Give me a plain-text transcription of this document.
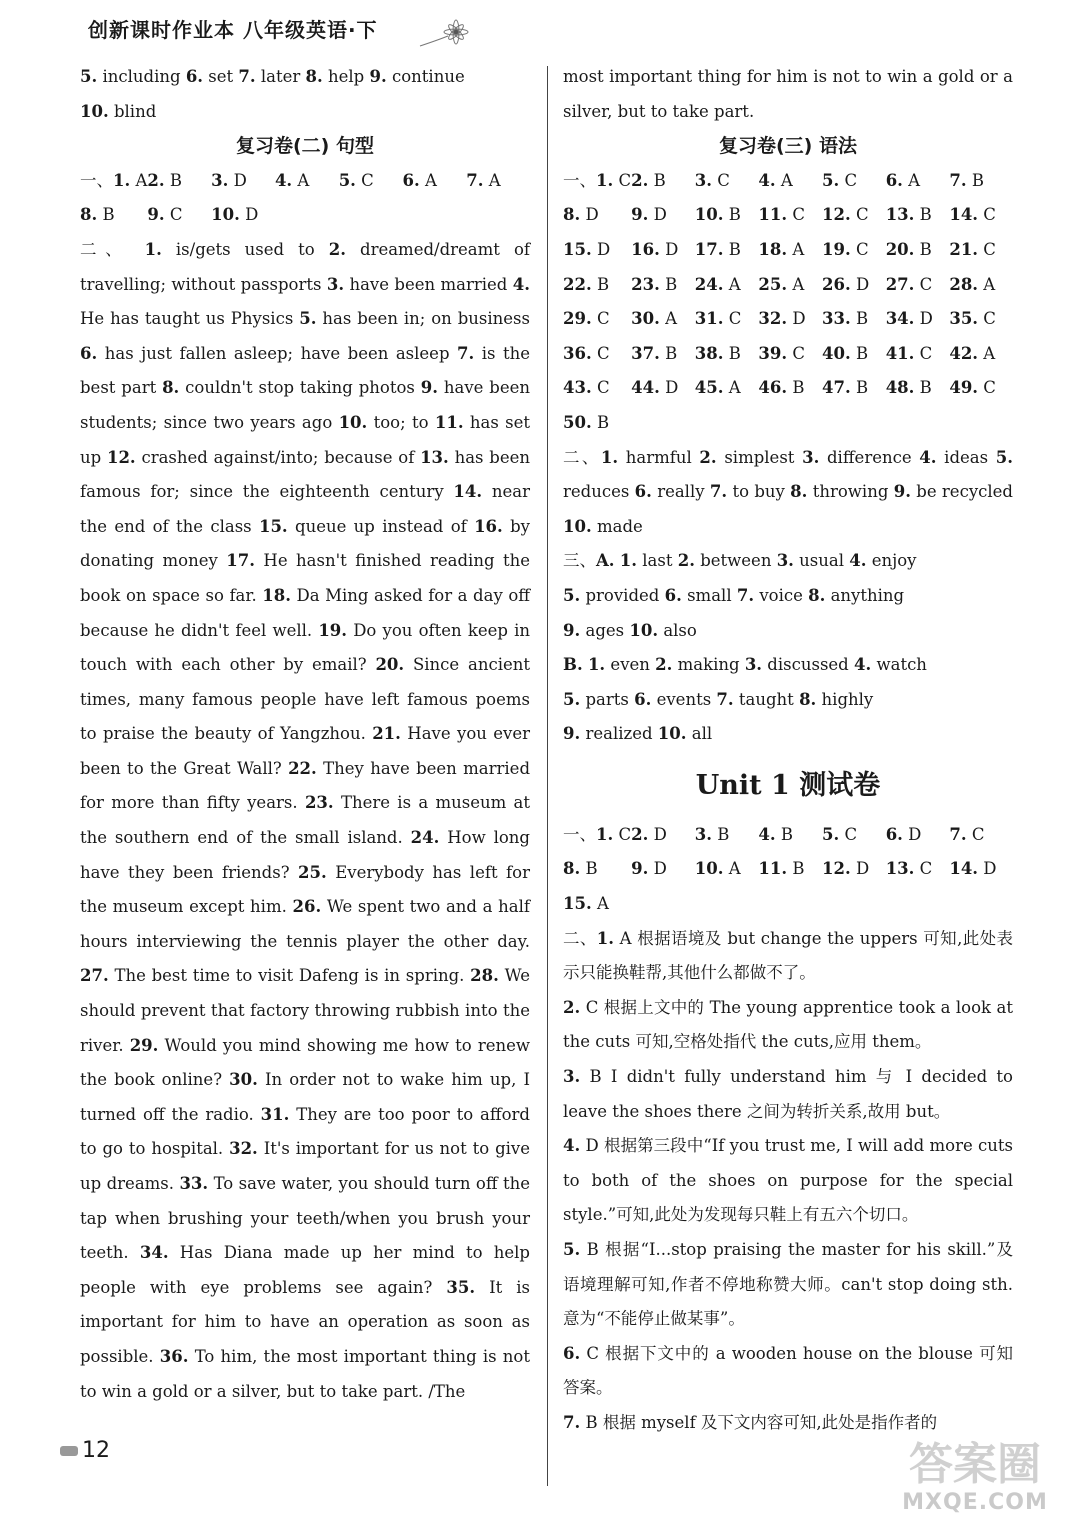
创新课时作业本 八年级英语·下

5. including 6. set 7. later 8. help 9. continue

10. blind

复习卷(二) 句型

一、1. A 2. B	3. D	4. A	5. C	6. A	7. A
8. B	9. C	10. D

二、 1. is/gets used to 2. dreamed/dreamt of travelling; without passports 3. have been married 4. He has taught us Physics 5. has been in; on business 6. has just fallen asleep; have been asleep 7. is the best part 8. couldn't stop taking photos 9. have been students; since two years ago 10. too; to 11. has set up 12. crashed against/into; because of 13. has been famous for; since the eighteenth century 14. near the end of the class 15. queue up instead of 16. by donating money 17. He hasn't finished reading the book on space so far. 18. Da Ming asked for a day off because he didn't feel well. 19. Do you often keep in touch with each other by email? 20. Since ancient times, many famous people have left famous poems to praise the beauty of Yangzhou. 21. Have you ever been to the Great Wall? 22. They have been married for more than fifty years. 23. There is a museum at the southern end of the small island. 24. How long have they been friends? 25. Everybody has left for the museum except him. 26. We spent two and a half hours interviewing the tennis player the other day. 27. The best time to visit Dafeng is in spring. 28. We should prevent that factory throwing rubbish into the river. 29. Would you mind showing me how to renew the book online? 30. In order not to wake him up, I turned off the radio. 31. They are too poor to afford to go to hospital. 32. It's important for us not to give up dreams. 33. To save water, you should turn off the tap when brushing your teeth/when you brush your teeth. 34. Has Diana made up her mind to help people with eye problems see again? 35. It is important for him to have an operation as soon as possible. 36. To him, the most important thing is not to win a gold or a silver, but to take part. /The

most important thing for him is not to win a gold or a silver, but to take part.

复习卷(三) 语法

一、1. C 2. B	3. C	4. A	5. C	6. A	7. B
8. D	9. D	10. B	11. C	12. C	13. B	14. C
15. D	16. D 17. B	18. A	19. C	20. B	21. C
22. B	23. B	24. A	25. A	26. D 27. C	28. A
29. C	30. A	31. C	32. D 33. B	34. D 35. C
36. C	37. B	38. B	39. C	40. B	41. C	42. A
43. C	44. D 45. A	46. B	47. B	48. B	49. C
50. B

二、1. harmful 2. simplest 3. difference 4. ideas 5. reduces 6. really 7. to buy 8. throwing 9. be recycled 10. made

三、A. 1. last 2. between 3. usual 4. enjoy
5. provided 6. small 7. voice 8. anything
9. ages 10. also

B. 1. even 2. making 3. discussed 4. watch
5. parts 6. events 7. taught 8. highly
9. realized 10. all

Unit 1 测试卷

一、1. C 2. D	3. B	4. B	5. C	6. D	7. C
8. B	9. D	10. A	11. B	12. D 13. C	14. D
15. A

二、1. A 根据语境及 but change the uppers 可知,此处表示只能换鞋帮,其他什么都做不了。

2. C 根据上文中的 The young apprentice took a look at the cuts 可知,空格处指代 the cuts,应用 them。

3. B I didn't fully understand him 与 I decided to leave the shoes there 之间为转折关系,故用 but。

4. D 根据第三段中“If you trust me, I will add more cuts to both of the shoes on purpose for the special style.”可知,此处为发现每只鞋上有五六个切口。

5. B 根据“I...stop praising the master for his skill.”及语境理解可知,作者不停地称赞大师。can't stop doing sth. 意为“不能停止做某事”。

6. C 根据下文中的 a wooden house on the blouse 可知答案。

7. B 根据 myself 及下文内容可知,此处是指作者的

12	答案圈
MXQE.COM
